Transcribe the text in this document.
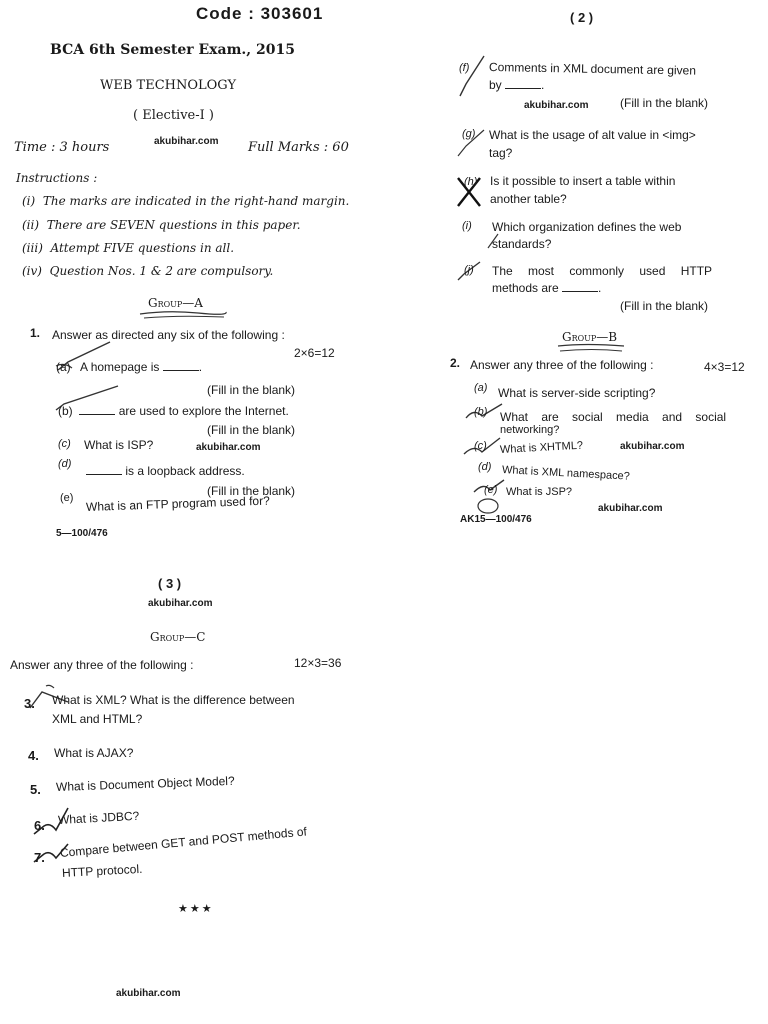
Code : 303601
BCA 6th Semester Exam., 2015
WEB TECHNOLOGY
( Elective-I )
Time : 3 hours	akubihar.com Full Marks : 60
Instructions :
(i) The marks are indicated in the right-hand margin.
(ii) There are SEVEN questions in this paper.
(iii) Attempt FIVE questions in all.
(iv) Question Nos. 1 & 2 are compulsory.
Group—A
1. Answer as directed any six of the following :
2×6=12
(a) A homepage is	.
(Fill in the blank)
(b)	are used to explore the Internet.
(Fill in the blank)
(c) What is ISP?	akubihar.com
(d)	is a loopback address.
(Fill in the blank)
(e) What is an FTP program used for?
5—100/476
( 2 )
(f) Comments in XML document are given
by	.
akubihar.com	(Fill in the blank)
(g) What is the usage of alt value in <img>
tag?
(h) Is it possible to insert a table within
another table?
(i) Which organization defines the web
standards?
(j) The most commonly used HTTP
methods are	.
(Fill in the blank)
Group—B
2. Answer any three of the following :	4×3=12
(a) What is server-side scripting?
(b) What are social media and social
networking?
(c) What is XHTML?	akubihar.com
(d) What is XML namespace?
(e) What is JSP?
akubihar.com
AK15—100/476
( 3 )
akubihar.com
Group—C
Answer any three of the following :	12×3=36
3. What is XML? What is the difference between
XML and HTML?
4. What is AJAX?
5. What is Document Object Model?
6. What is JDBC?
7. Compare between GET and POST methods of
HTTP protocol.
★★★
akubihar.com
